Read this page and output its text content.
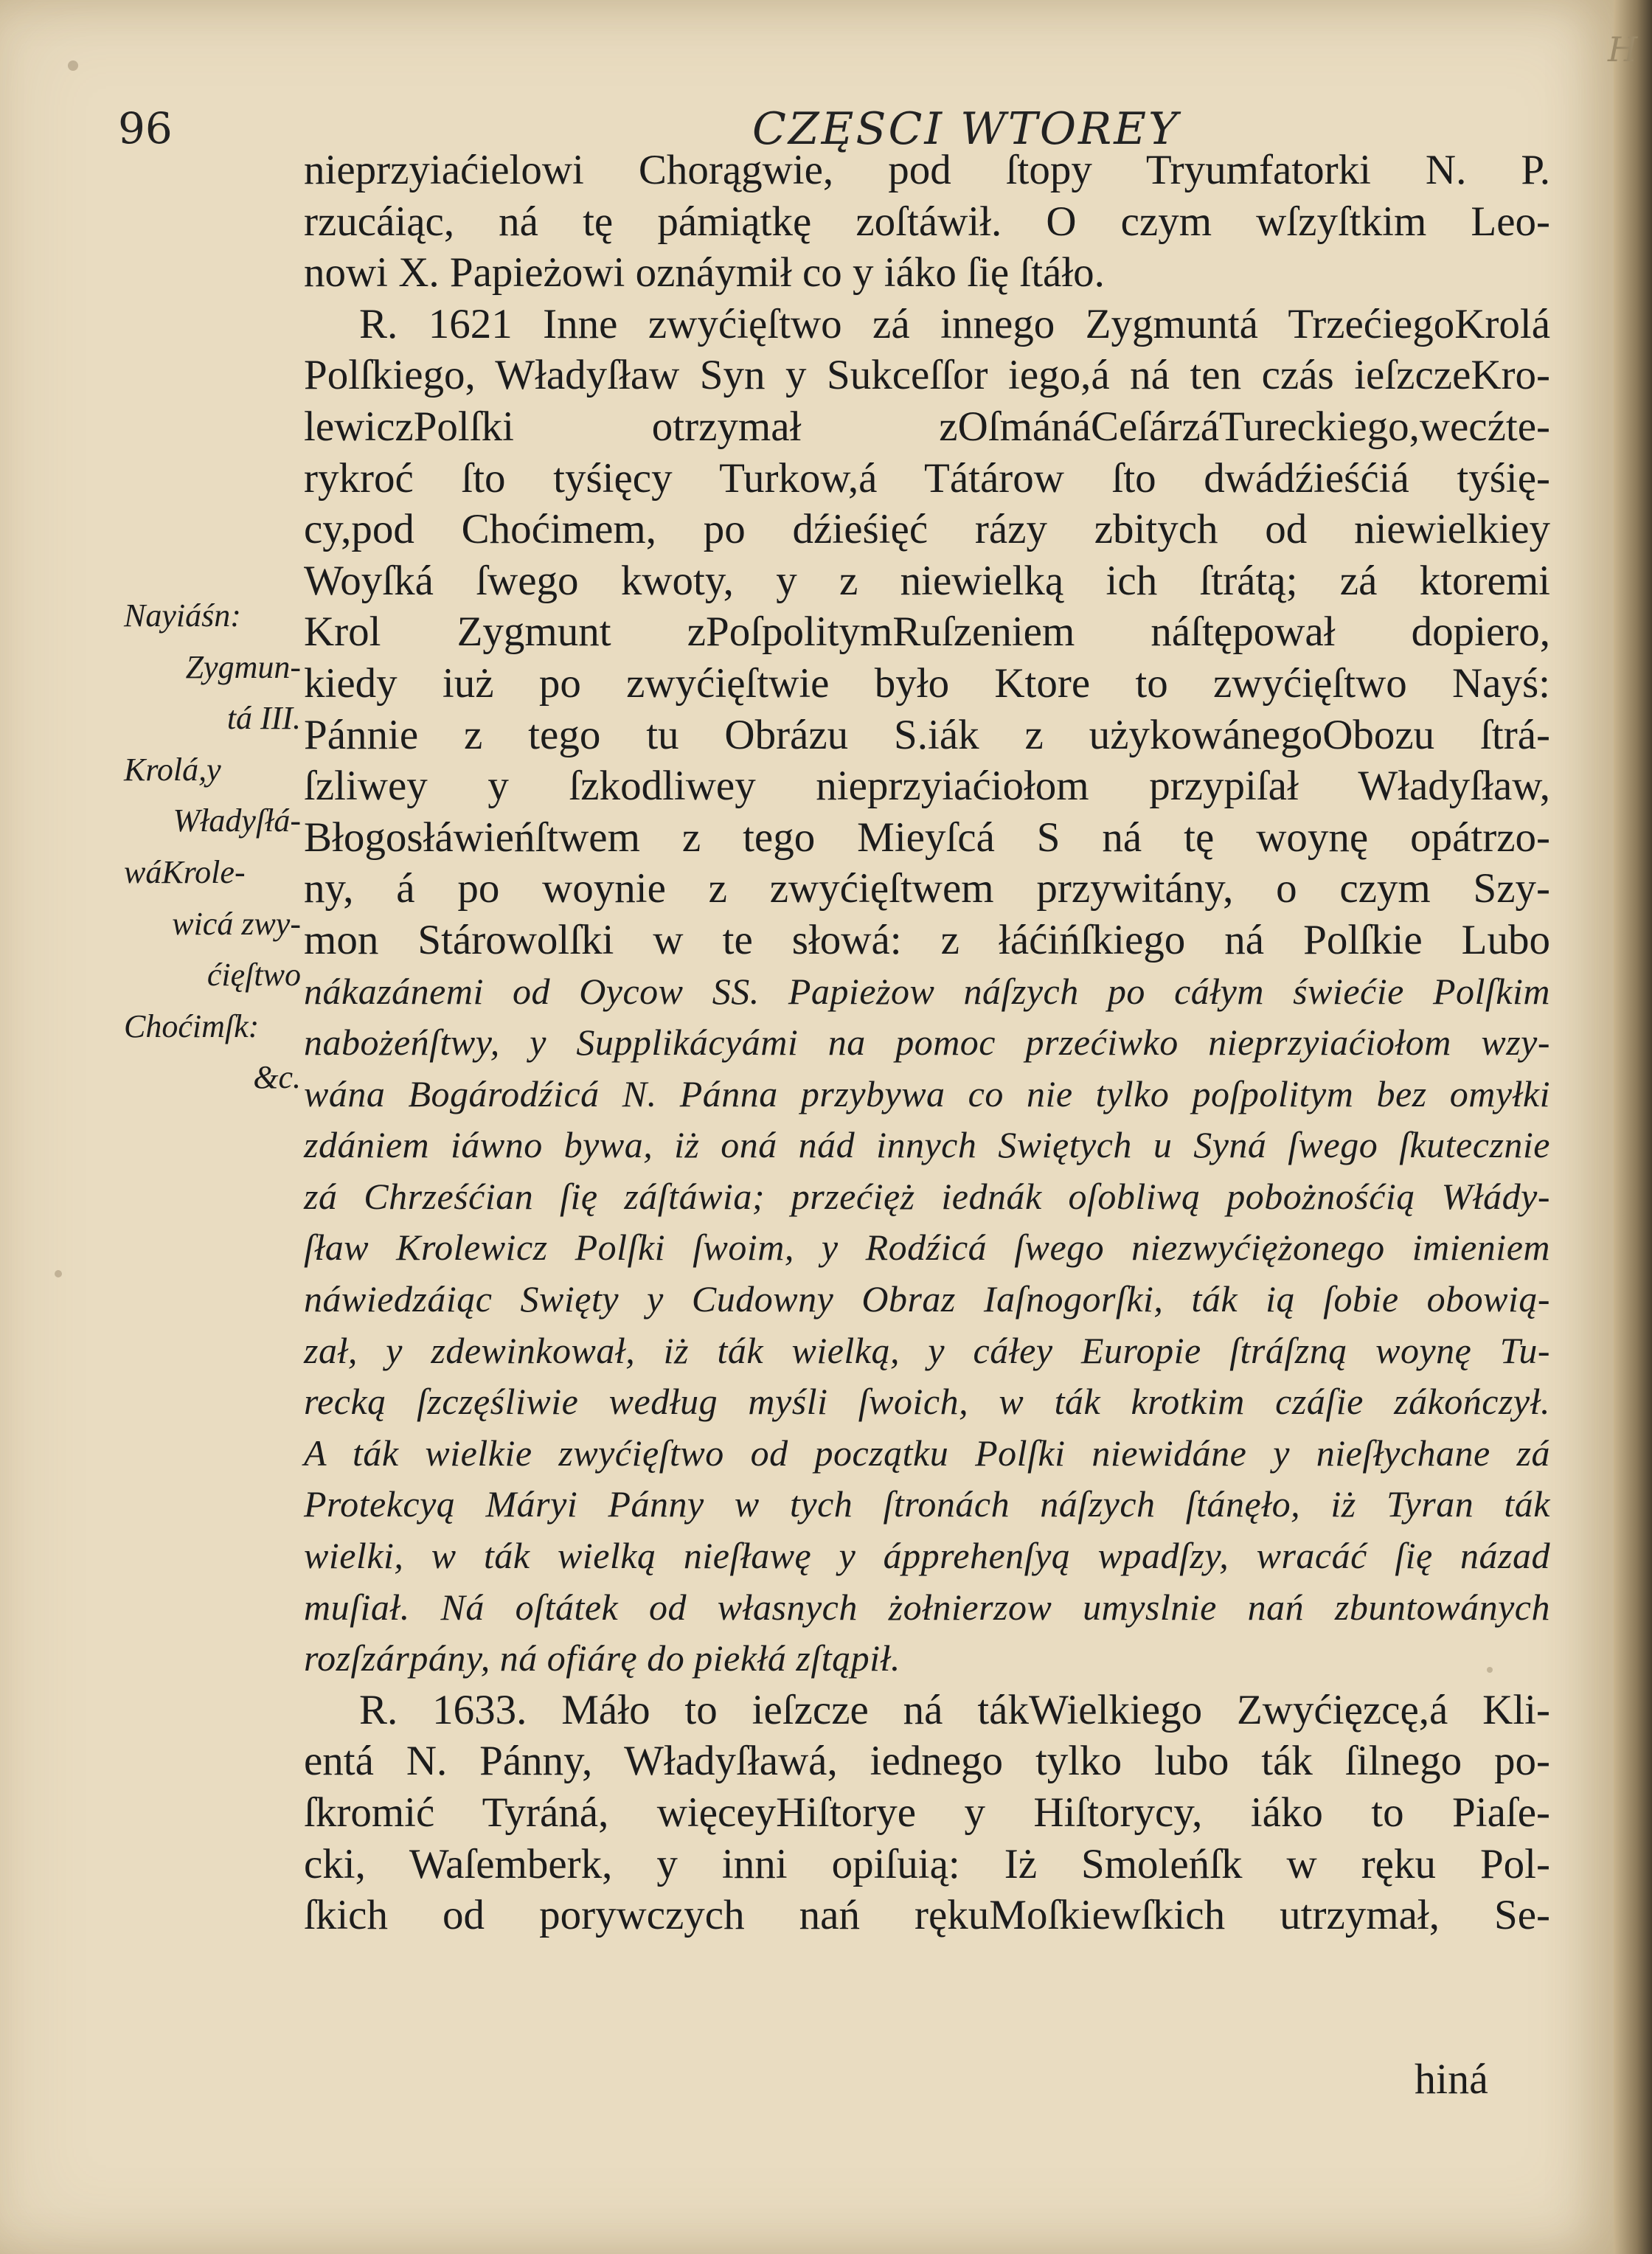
96	CZĘSCI WTOREY
nieprzyiaćielowi Chorągwie, pod ſtopy Tryumfatorki N. P.
rzucáiąc, ná tę pámiątkę zoſtáwił. O czym wſzyſtkim Leo-
nowi X. Papieżowi oznáymił co y iáko ſię ſtáło.
R. 1621 Inne zwyćięſtwo zá innego Zygmuntá TrzećiegoKrolá
Polſkiego, Władyſław Syn y Sukceſſor iego,á ná ten czás ieſzczeKro-
lewiczPolſki otrzymał zOſmánáCeſárzáTureckiego,wecźte-
rykroć ſto tyśięcy Turkow,á Tátárow ſto dwádźieśćiá tyśię-
cy,pod Choćimem, po dźieśięć rázy zbitych od niewielkiey
Woyſká ſwego kwoty, y z niewielką ich ſtrátą; zá ktoremi
Krol Zygmunt zPoſpolitymRuſzeniem náſtępował dopiero,
kiedy iuż po zwyćięſtwie było Ktore to zwyćięſtwo Nayś:
Pánnie z tego tu Obrázu S.iák z użykowánegoObozu ſtrá-
ſzliwey y ſzkodliwey nieprzyiaćiołom przypiſał Władyſław,
Błogosłáwieńſtwem z tego Mieyſcá S ná tę woynę opátrzo-
ny, á po woynie z zwyćięſtwem przywitány, o czym Szy-
mon Stárowolſki w te słowá: z łáćińſkiego ná Polſkie Lubo
nákazánemi od Oycow SS. Papieżow náſzych po cáłym świećie Polſkim
nabożeńſtwy, y Supplikácyámi na pomoc przećiwko nieprzyiaćiołom wzy-
wána Bogárodźicá N. Pánna przybywa co nie tylko poſpolitym bez omyłki
zdániem iáwno bywa, iż oná nád innych Swiętych u Syná ſwego ſkutecznie
zá Chrześćian ſię záſtáwia; przećięż iednák oſobliwą pobożnośćią Włády-
ſław Krolewicz Polſki ſwoim, y Rodźicá ſwego niezwyćiężonego imieniem
náwiedzáiąc Swięty y Cudowny Obraz Iaſnogorſki, ták ią ſobie obowią-
zał, y zdewinkował, iż ták wielką, y cáłey Europie ſtráſzną woynę Tu-
recką ſzczęśliwie według myśli ſwoich, w ták krotkim czáſie zákończył.
A ták wielkie zwyćięſtwo od początku Polſki niewidáne y nieſłychane zá
Protekcyą Máryi Pánny w tych ſtronách náſzych ſtánęło, iż Tyran ták
wielki, w ták wielką nieſławę y ápprehenſyą wpadſzy, wracáć ſię názad
muſiał. Ná oſtátek od własnych żołnierzow umyslnie nań zbuntowánych
rozſzárpány, ná ofiárę do piekłá zſtąpił.
R. 1633. Máło to ieſzcze ná tákWielkiego Zwyćięzcę,á Kli-
entá N. Pánny, Władyſławá, iednego tylko lubo ták ſilnego po-
ſkromić Tyráná, więceyHiſtorye y Hiſtorycy, iáko to Piaſe-
cki, Waſemberk, y inni opiſuią: Iż Smoleńſk w ręku Pol-
ſkich od porywczych nań rękuMoſkiewſkich utrzymał, Se-
Nayiáśn:
Zygmun-
tá III.
Krolá,y
Władyſłá-
wáKrole-
wicá zwy-
ćięſtwo
Choćimſk:
&c.
hiná
H
